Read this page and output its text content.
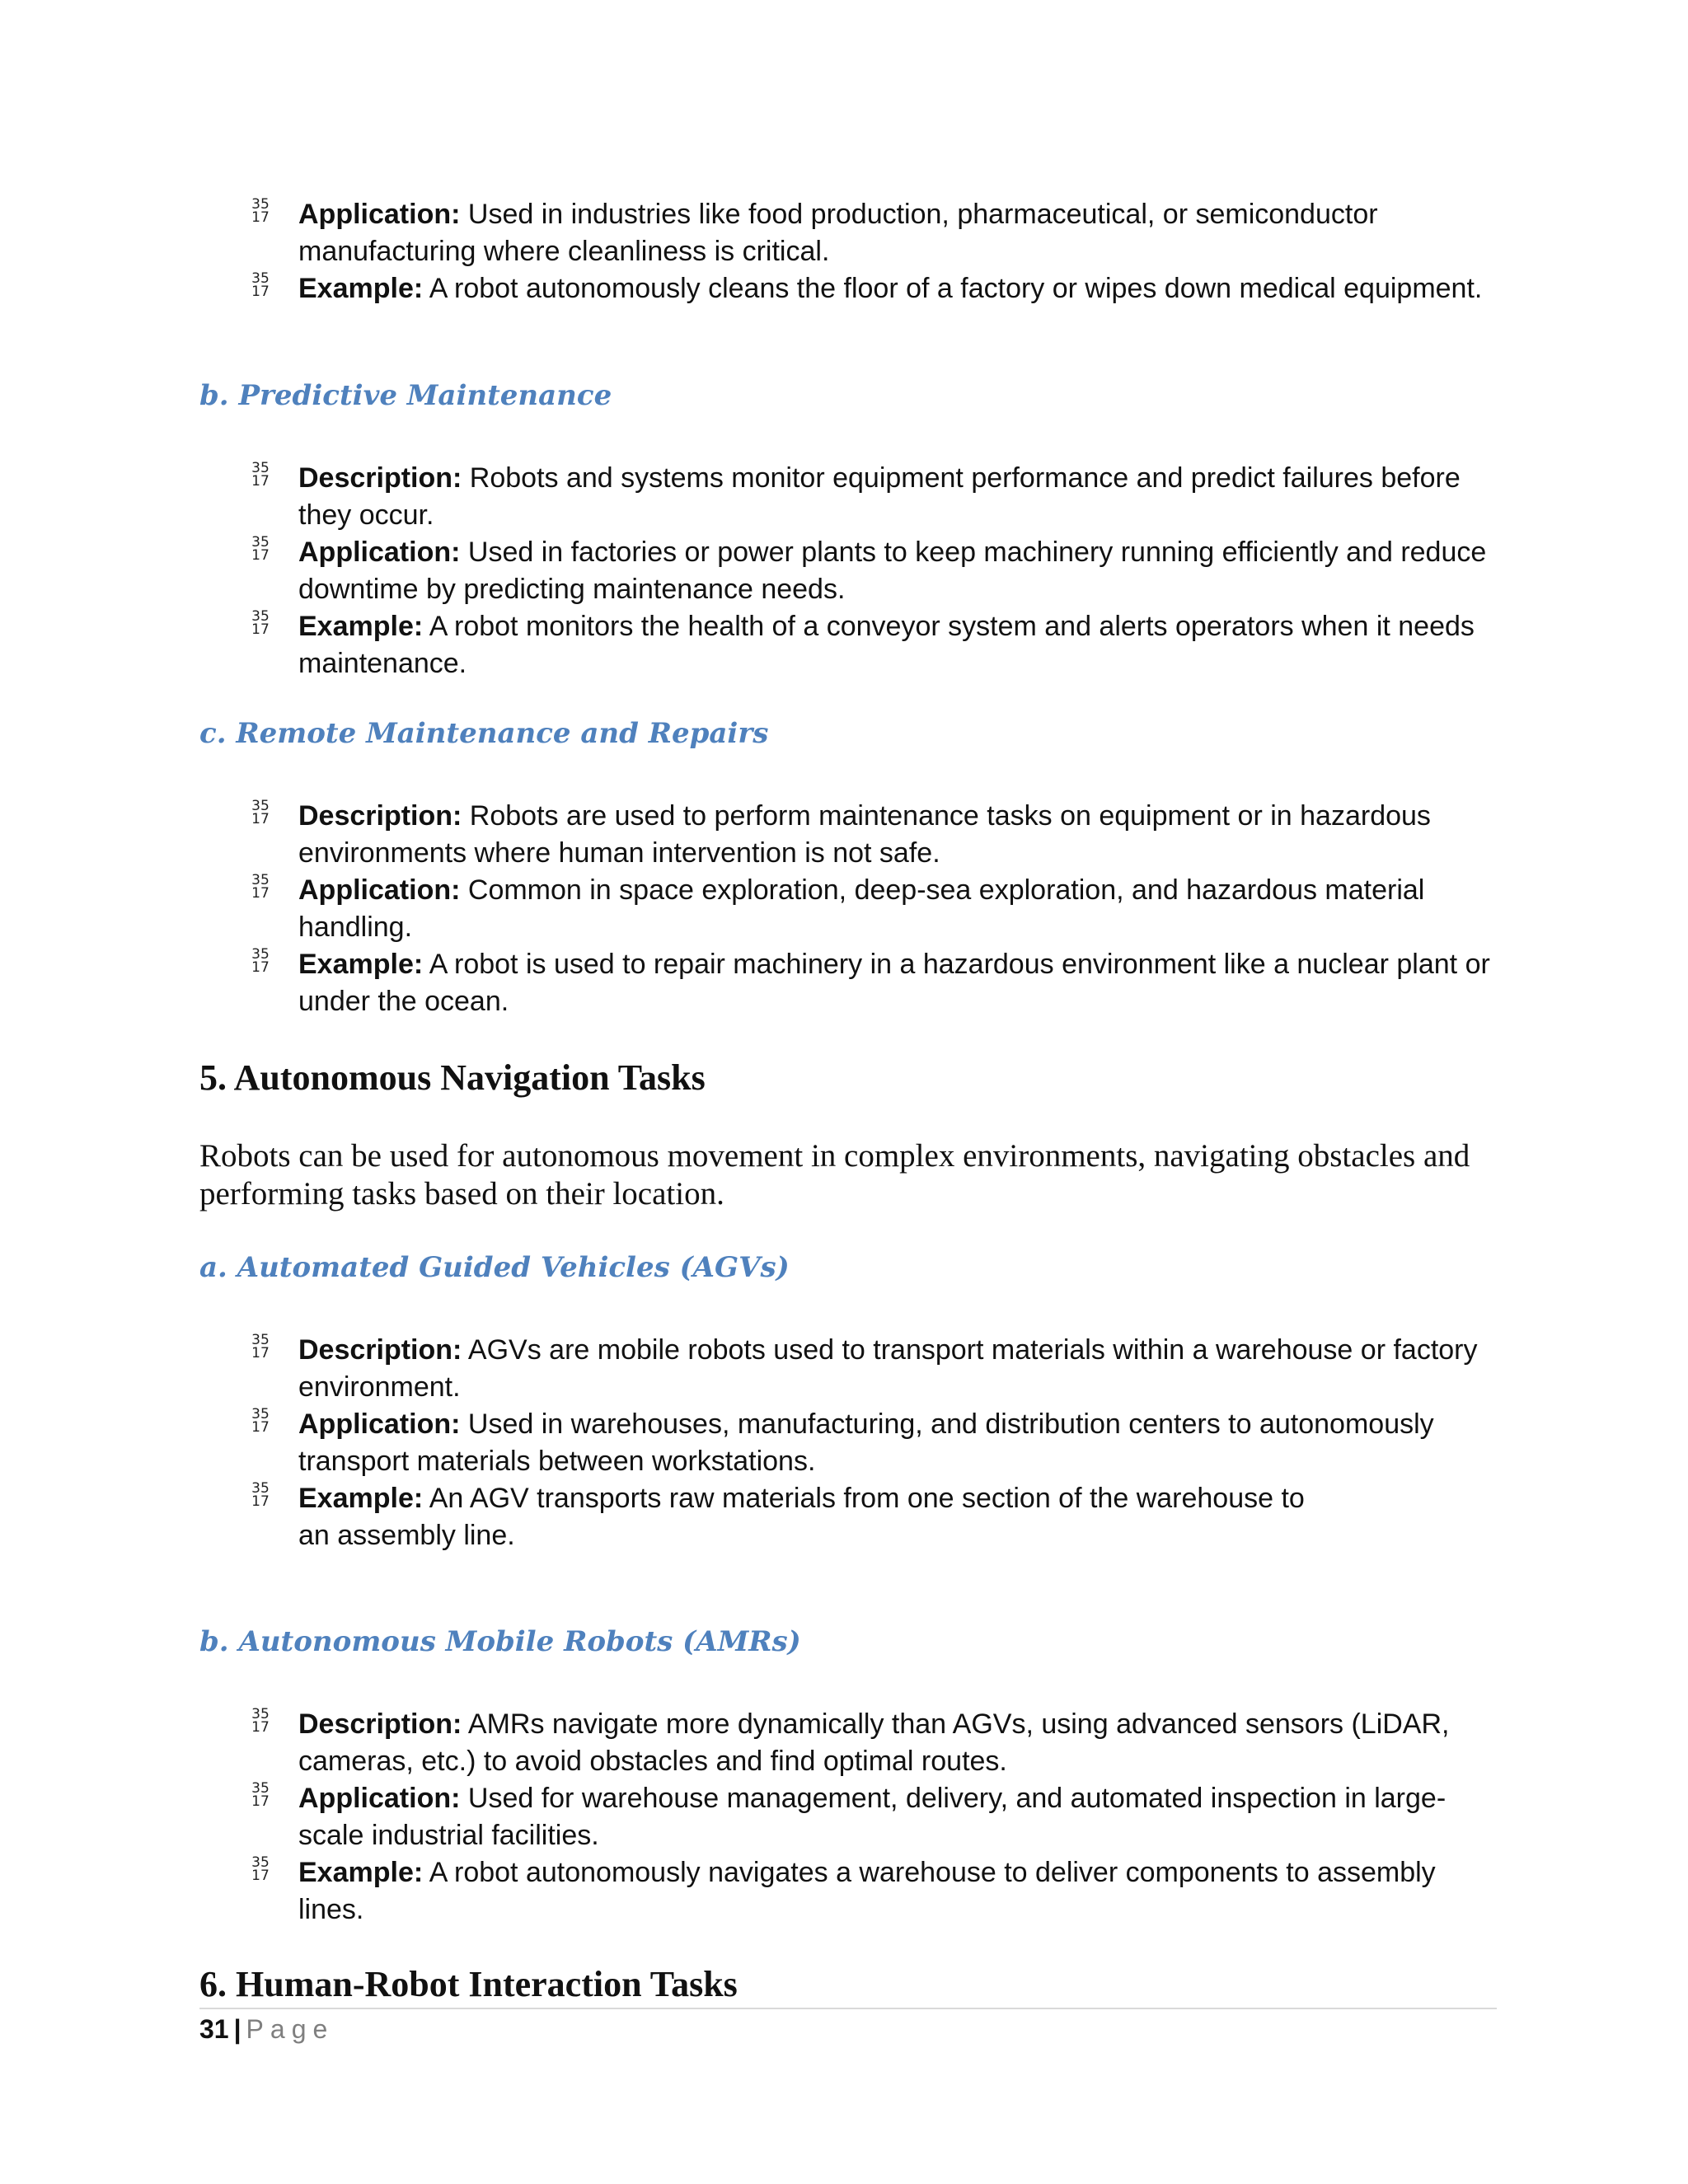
35
17 Application: Used in industries like food production, pharmaceutical, or semiconductor manufacturing where cleanliness is critical.
35
17 Example: A robot autonomously cleans the floor of a factory or wipes down medical equipment.
b. Predictive Maintenance
35
17 Description: Robots and systems monitor equipment performance and predict failures before they occur.
35
17 Application: Used in factories or power plants to keep machinery running efficiently and reduce downtime by predicting maintenance needs.
35
17 Example: A robot monitors the health of a conveyor system and alerts operators when it needs maintenance.
c. Remote Maintenance and Repairs
35
17 Description: Robots are used to perform maintenance tasks on equipment or in hazardous environments where human intervention is not safe.
35
17 Application: Common in space exploration, deep-sea exploration, and hazardous material handling.
35
17 Example: A robot is used to repair machinery in a hazardous environment like a nuclear plant or under the ocean.
5. Autonomous Navigation Tasks
Robots can be used for autonomous movement in complex environments, navigating obstacles and performing tasks based on their location.
a. Automated Guided Vehicles (AGVs)
35
17 Description: AGVs are mobile robots used to transport materials within a warehouse or factory environment.
35
17 Application: Used in warehouses, manufacturing, and distribution centers to autonomously transport materials between workstations.
35
17 Example: An AGV transports raw materials from one section of the warehouse to an assembly line.
b. Autonomous Mobile Robots (AMRs)
35
17 Description: AMRs navigate more dynamically than AGVs, using advanced sensors (LiDAR, cameras, etc.) to avoid obstacles and find optimal routes.
35
17 Application: Used for warehouse management, delivery, and automated inspection in large-scale industrial facilities.
35
17 Example: A robot autonomously navigates a warehouse to deliver components to assembly lines.
6. Human-Robot Interaction Tasks
31 | Page
